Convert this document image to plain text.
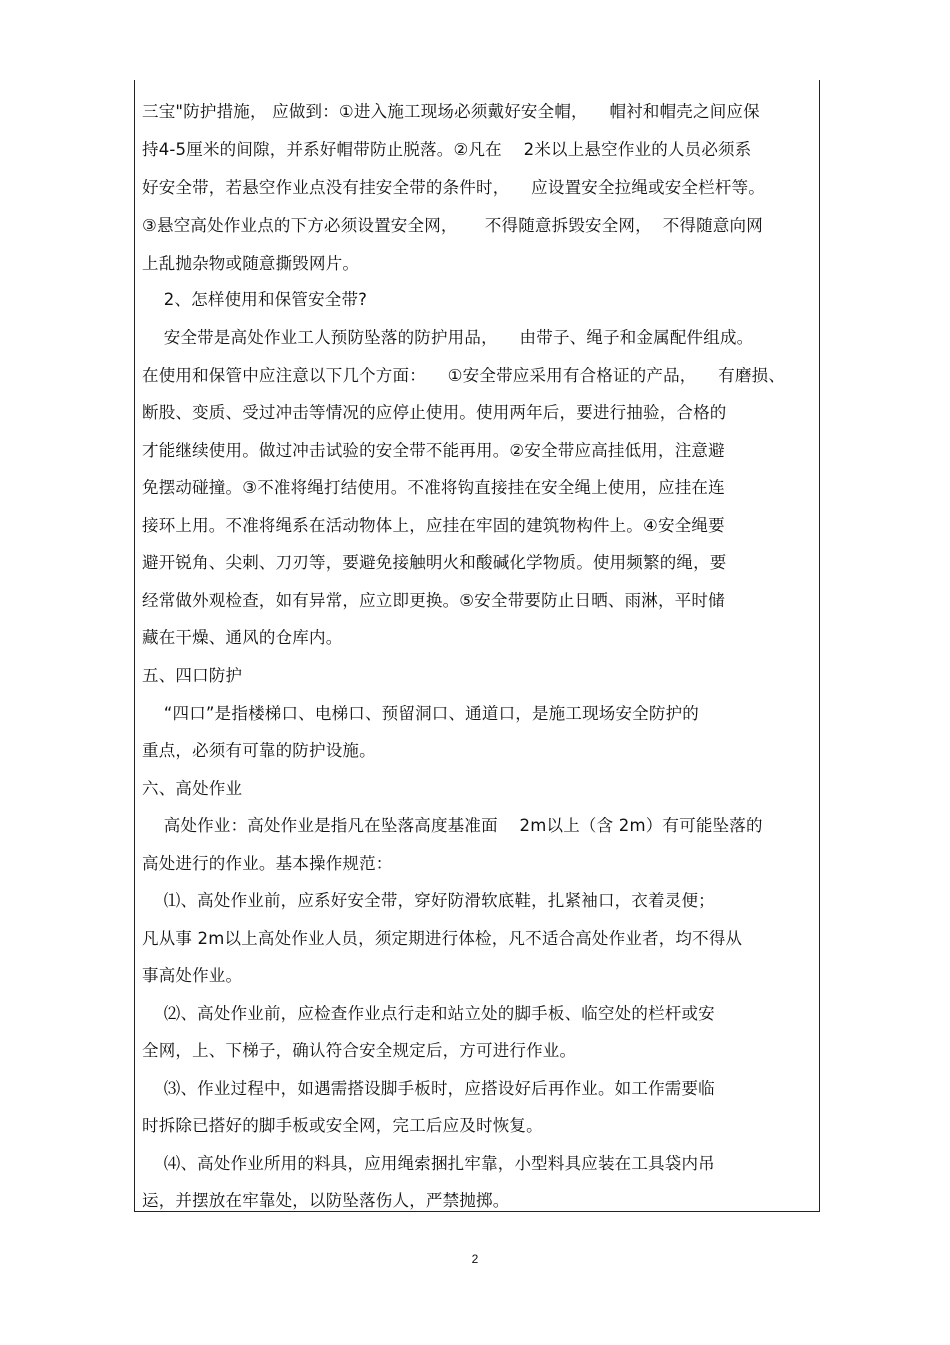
三宝"防护措施， 应做到：①进入施工现场必须戴好安全帽，    帽衬和帽壳之间应保
持4-5厘米的间隙，并系好帽带防止脱落。②凡在    2米以上悬空作业的人员必须系
好安全带，若悬空作业点没有挂安全带的条件时，    应设置安全拉绳或安全栏杆等。
③悬空高处作业点的下方必须设置安全网，     不得随意拆毁安全网，  不得随意向网
上乱抛杂物或随意撕毁网片。
2、怎样使用和保管安全带?
安全带是高处作业工人预防坠落的防护用品，    由带子、绳子和金属配件组成。
在使用和保管中应注意以下几个方面：    ①安全带应采用有合格证的产品，    有磨损、
断股、变质、受过冲击等情况的应停止使用。使用两年后，要进行抽验，合格的
才能继续使用。做过冲击试验的安全带不能再用。②安全带应高挂低用，注意避
免摆动碰撞。③不准将绳打结使用。不准将钩直接挂在安全绳上使用，应挂在连
接环上用。不准将绳系在活动物体上，应挂在牢固的建筑物构件上。④安全绳要
避开锐角、尖刺、刀刃等，要避免接触明火和酸碱化学物质。使用频繁的绳，要
经常做外观检查，如有异常，应立即更换。⑤安全带要防止日晒、雨淋，平时储
藏在干燥、通风的仓库内。
五、四口防护
“四口”是指楼梯口、电梯口、预留洞口、通道口，是施工现场安全防护的
重点，必须有可靠的防护设施。
六、高处作业
高处作业：高处作业是指凡在坠落高度基准面    2m以上（含 2m）有可能坠落的
高处进行的作业。基本操作规范：
⑴、高处作业前，应系好安全带，穿好防滑软底鞋，扎紧袖口，衣着灵便；
凡从事 2m以上高处作业人员，须定期进行体检，凡不适合高处作业者，均不得从
事高处作业。
⑵、高处作业前，应检查作业点行走和站立处的脚手板、临空处的栏杆或安
全网，上、下梯子，确认符合安全规定后，方可进行作业。
⑶、作业过程中，如遇需搭设脚手板时，应搭设好后再作业。如工作需要临
时拆除已搭好的脚手板或安全网，完工后应及时恢复。
⑷、高处作业所用的料具，应用绳索捆扎牢靠，小型料具应装在工具袋内吊
运，并摆放在牢靠处，以防坠落伤人，严禁抛掷。
2
